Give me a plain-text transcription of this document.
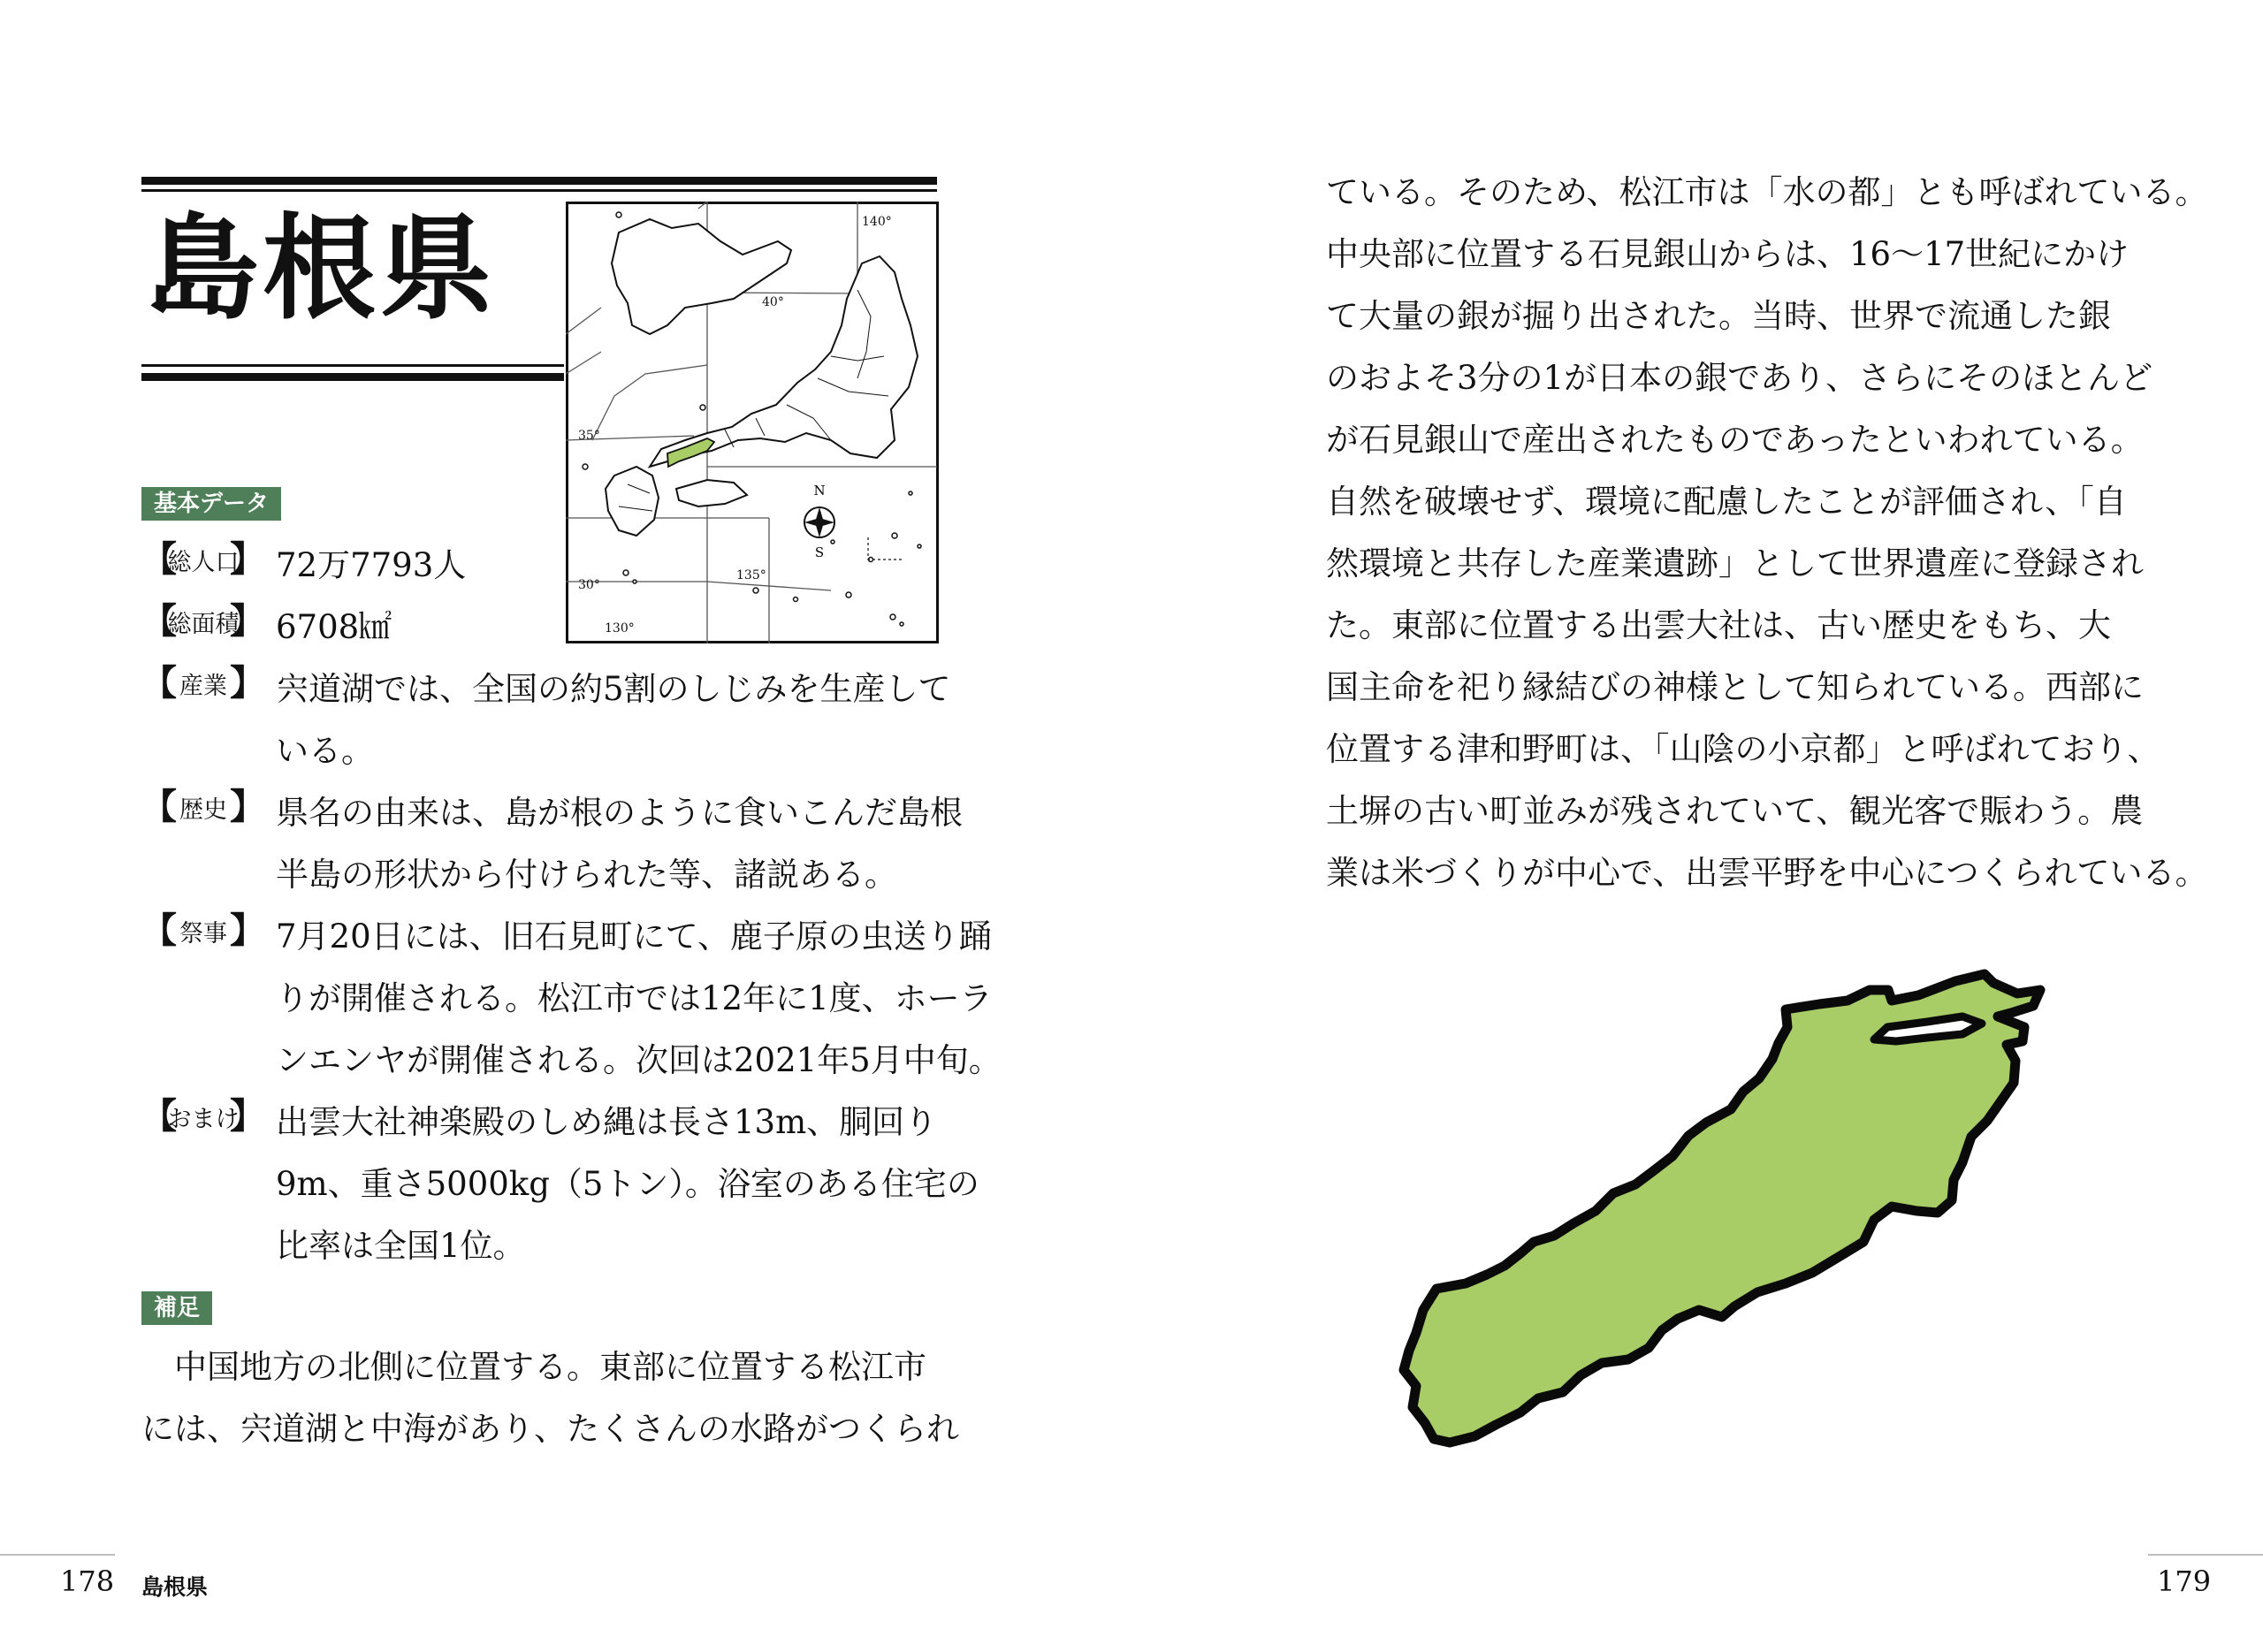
島根県
N
S
140°
40°
35°
135°
30°
130°
基本データ
【
総人口
】 72万7793人
【
総面積
】 6708㎢
【 産業 】 宍道湖では、全国の約5割のしじみを生産して
いる。
【 歴史 】 県名の由来は、島が根のように食いこんだ島根
半島の形状から付けられた等、諸説ある。
【 祭事 】 7月20日には、旧石見町にて、鹿子原の虫送り踊
りが開催される。松江市では12年に1度、ホーラ
ンエンヤが開催される。次回は2021年5月中旬。
【
おまけ
】 出雲大社神楽殿のしめ縄は長さ13m、胴回り
9m、重さ5000kg（5トン）。浴室のある住宅の
比率は全国1位。
補足
　中国地方の北側に位置する。東部に位置する松江市
には、宍道湖と中海があり、たくさんの水路がつくられ
ている。そのため、松江市は「水の都」とも呼ばれている。
中央部に位置する石見銀山からは、16〜17世紀にかけ
て大量の銀が掘り出された。当時、世界で流通した銀
のおよそ3分の1が日本の銀であり、さらにそのほとんど
が石見銀山で産出されたものであったといわれている。
自然を破壊せず、環境に配慮したことが評価され、「自
然環境と共存した産業遺跡」として世界遺産に登録され
た。東部に位置する出雲大社は、古い歴史をもち、大
国主命を祀り縁結びの神様として知られている。西部に
位置する津和野町は、「山陰の小京都」と呼ばれており、
土塀の古い町並みが残されていて、観光客で賑わう。農
業は米づくりが中心で、出雲平野を中心につくられている。
178 島根県	179
